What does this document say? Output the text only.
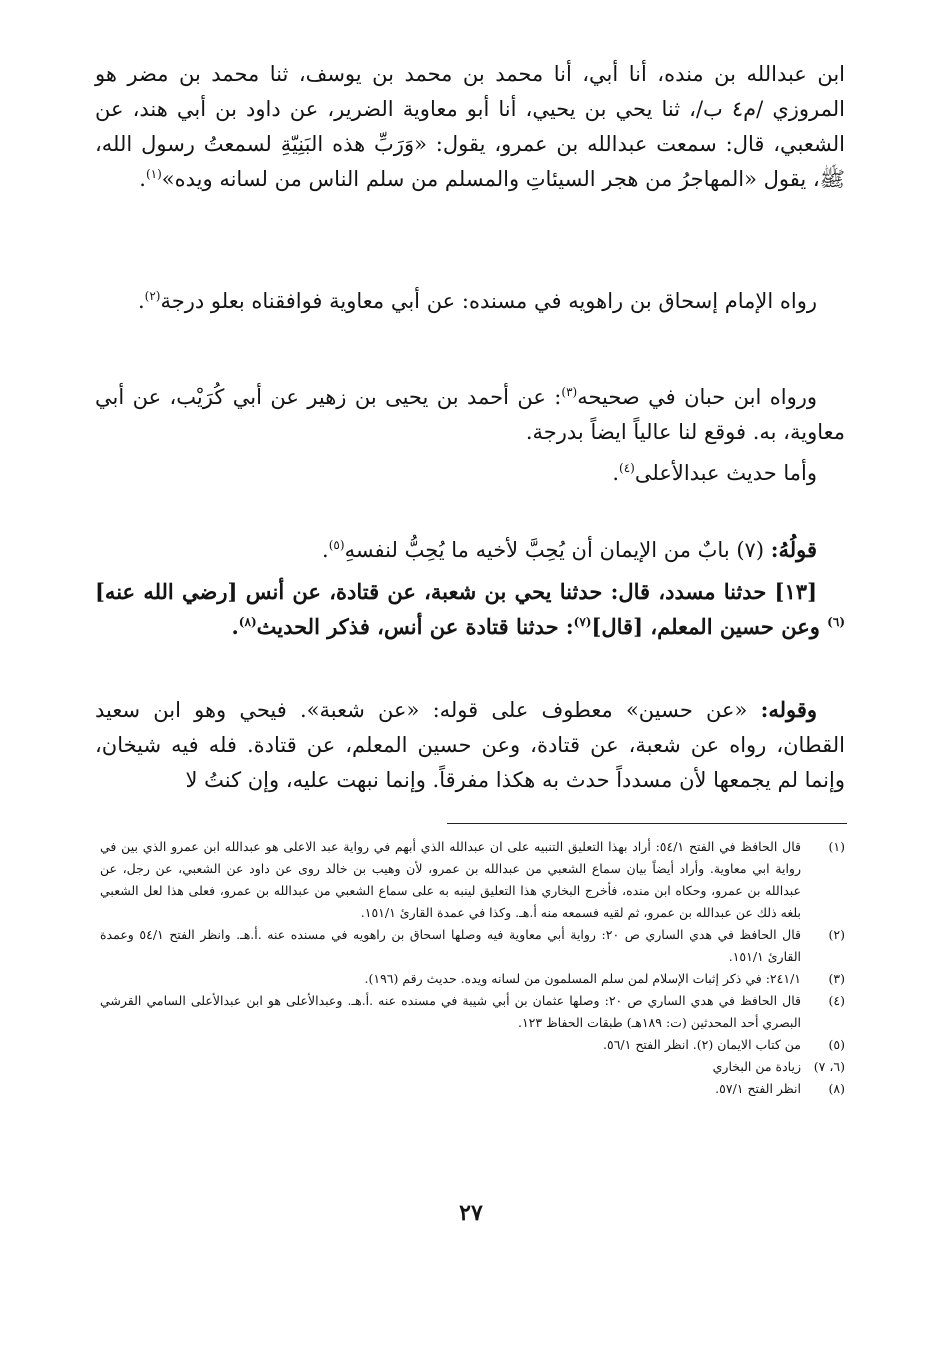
ابن عبدالله بن منده، أنا أبي، أنا محمد بن محمد بن يوسف، ثنا محمد بن مضر هو المروزي /م٤ ب/، ثنا يحي بن يحيي، أنا أبو معاوية الضرير، عن داود بن أبي هند، عن الشعبي، قال: سمعت عبدالله بن عمرو، يقول: «وَرَبِّ هذه البَنِيّةِ لسمعتُ رسول الله، ﷺ، يقول «المهاجرُ من هجر السيئاتِ والمسلم من سلم الناس من لسانه ويده»$^{(١)}$.

رواه الإمام إسحاق بن راهويه في مسنده: عن أبي معاوية فوافقناه بعلو درجة$^{(٢)}$.

ورواه ابن حبان في صحيحه$^{(٣)}$: عن أحمد بن يحيى بن زهير عن أبي كُرَيْب، عن أبي معاوية، به. فوقع لنا عالياً ايضاً بدرجة.

وأما حديث عبدالأعلى$^{(٤)}$.

قولُهُ: (٧) بابٌ من الإيمان أن يُحِبَّ لأخيه ما يُحِبُّ لنفسهِ$^{(٥)}$.

[١٣] حدثنا مسدد، قال: حدثنا يحي بن شعبة، عن قتادة، عن أنس [رضي الله عنه]$^{(٦)}$ وعن حسين المعلم، [قال]$^{(٧)}$: حدثنا قتادة عن أنس، فذكر الحديث$^{(٨)}$.

وقوله: «عن حسين» معطوف على قوله: «عن شعبة». فيحي وهو ابن سعيد القطان، رواه عن شعبة، عن قتادة، وعن حسين المعلم، عن قتادة. فله فيه شيخان، وإنما لم يجمعها لأن مسدداً حدث به هكذا مفرقاً. وإنما نبهت عليه، وإن كنتُ لا

(١)
قال الحافظ في الفتح ٥٤/١: أراد بهذا التعليق التنبيه على ان عبدالله الذي أبهم في رواية عبد الاعلى هو عبدالله ابن عمرو الذي بين في رواية ابي معاوية. وأراد أيضاً بيان سماع الشعبي من عبدالله بن عمرو، لأن وهيب بن خالد روى عن داود عن الشعبي، عن رجل، عن عبدالله بن عمرو، وحكاه ابن منده، فأخرج البخاري هذا التعليق لينبه به على سماع الشعبي من عبدالله بن عمرو، فعلى هذا لعل الشعبي بلغه ذلك عن عبدالله بن عمرو، ثم لقيه فسمعه منه أ.هـ. وكذا في عمدة القارئ ١٥١/١.
(٢)
قال الحافظ في هدي الساري ص ٢٠: رواية أبي معاوية فيه وصلها اسحاق بن راهويه في مسنده عنه .أ.هـ. وانظر الفتح ٥٤/١ وعمدة القارئ ١٥١/١.
(٣)
٢٤١/١: في ذكر إثبات الإسلام لمن سلم المسلمون من لسانه ويده. حديث رقم (١٩٦).
(٤)
قال الحافظ في هدي الساري ص ٢٠: وصلها عثمان بن أبي شيبة في مسنده عنه .أ.هـ. وعبدالأعلى هو ابن عبدالأعلى السامي القرشي البصري أحد المحدثين (ت: ١٨٩هـ) طبقات الحفاظ ١٢٣.
(٥)
من كتاب الايمان (٢). انظر الفتح ٥٦/١.
(٦، ٧)
زيادة من البخاري
(٨)
انظر الفتح ٥٧/١.
٢٧
